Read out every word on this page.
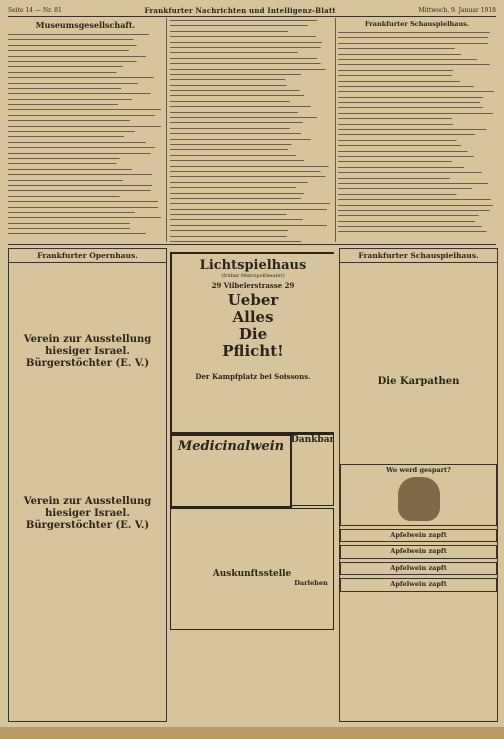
Seite 14 — Nr. 81	Frankfurter Nachrichten und Intelligenz-Blatt	Mittwoch, 9. Januar 1918
Museumsgesellschaft.	Frankfurter Schauspielhaus.
Frankfurter Opernhaus.
Verein zur Ausstellung hiesiger Israel. Bürgerstöchter (E. V.)
Verein zur Ausstellung hiesiger Israel. Bürgerstöchter (E. V.)
Lichtspielhaus
(früher Metropoltheater)
29 Vilbelerstrasse 29
Ueber
Alles
Die
Pflicht!
Der Kampfplatz bei Soissons.
Medicinalwein Dankbar
Auskunftsstelle
Darlehen
Frankfurter Schauspielhaus.
Die Karpathen
Wo werd gespart?
Apfelwein zapft
Apfelwein zapft
Apfelwein zapft
Apfelwein zapft
